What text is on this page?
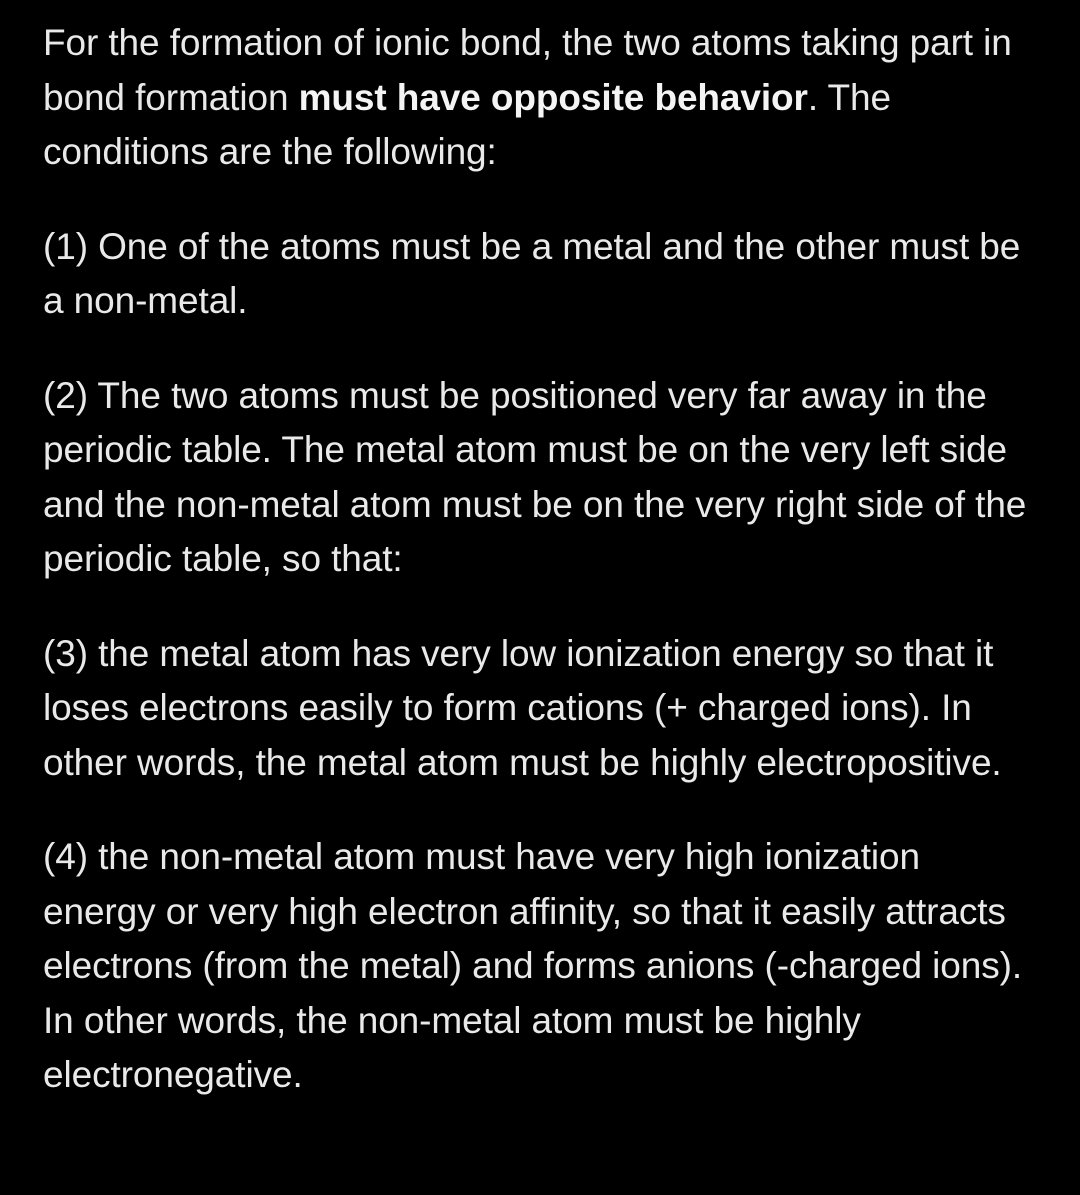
For the formation of ionic bond, the two atoms taking part in bond formation must have opposite behavior. The conditions are the following:

(1) One of the atoms must be a metal and the other must be a non-metal.

(2) The two atoms must be positioned very far away in the periodic table. The metal atom must be on the very left side and the non-metal atom must be on the very right side of the periodic table, so that:

(3) the metal atom has very low ionization energy so that it loses electrons easily to form cations (+ charged ions). In other words, the metal atom must be highly electropositive.

(4) the non-metal atom must have very high ionization energy or very high electron affinity, so that it easily attracts electrons (from the metal) and forms anions (-charged ions). In other words, the non-metal atom must be highly electronegative.
